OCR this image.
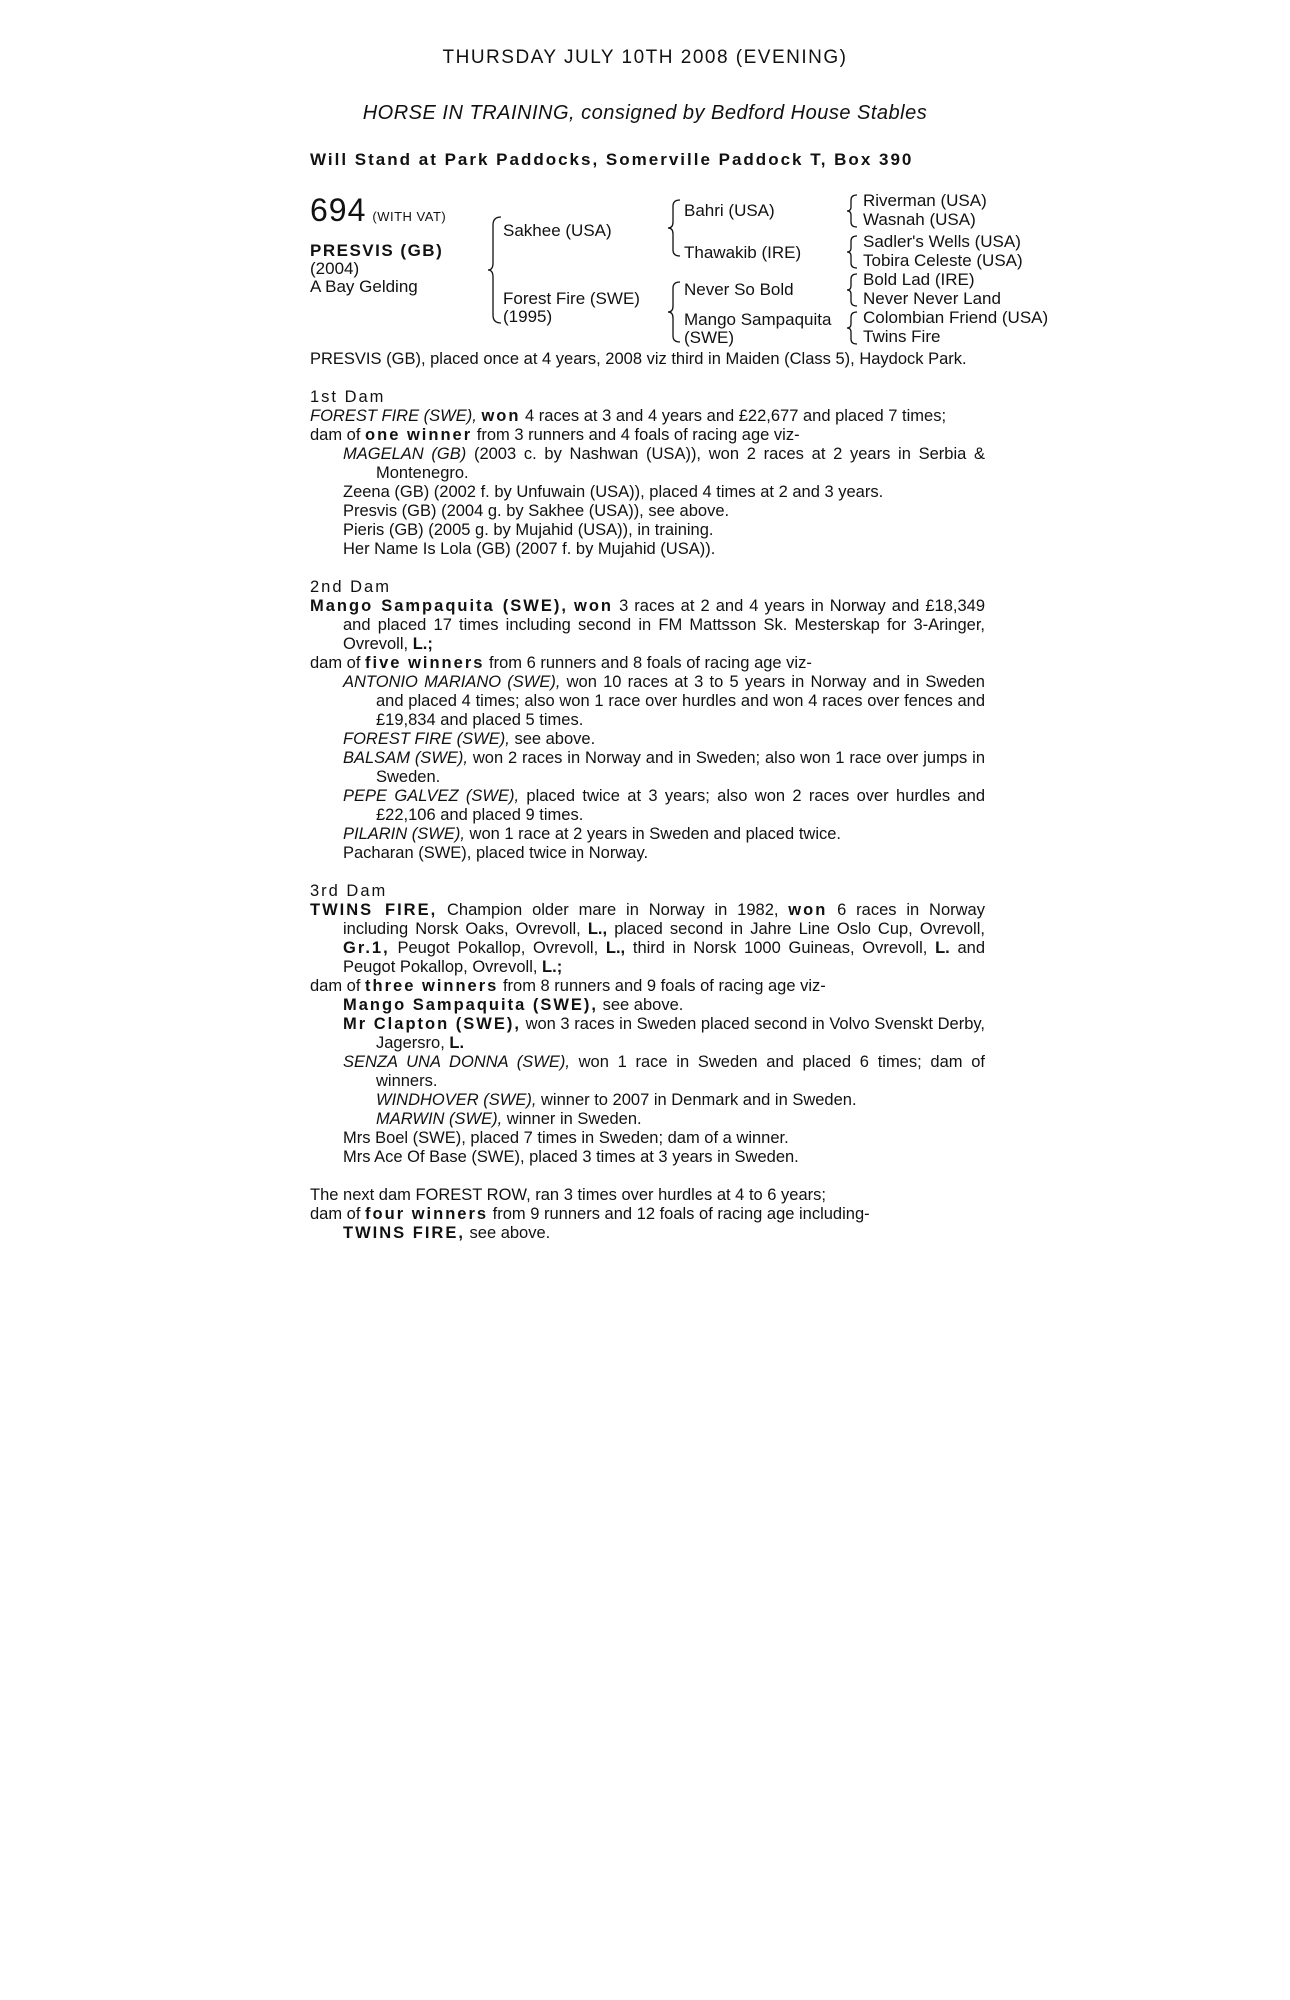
THURSDAY JULY 10TH 2008 (EVENING)
HORSE IN TRAINING, consigned by Bedford House Stables
Will Stand at Park Paddocks, Somerville Paddock T, Box 390
694 (WITH VAT)
PRESVIS (GB)
(2004)
A Bay Gelding
Sakhee (USA)
Forest Fire (SWE)
(1995)
Bahri (USA)
Thawakib (IRE)
Never So Bold
Mango Sampaquita
(SWE)
Riverman (USA)
Wasnah (USA)
Sadler's Wells (USA)
Tobira Celeste (USA)
Bold Lad (IRE)
Never Never Land
Colombian Friend (USA)
Twins Fire

PRESVIS (GB), placed once at 4 years, 2008 viz third in Maiden (Class 5), Haydock Park.

1st Dam

FOREST FIRE (SWE), won 4 races at 3 and 4 years and £22,677 and placed 7 times;

dam of one winner from 3 runners and 4 foals of racing age viz-

MAGELAN (GB) (2003 c. by Nashwan (USA)), won 2 races at 2 years in Serbia & Montenegro.

Zeena (GB) (2002 f. by Unfuwain (USA)), placed 4 times at 2 and 3 years.

Presvis (GB) (2004 g. by Sakhee (USA)), see above.

Pieris (GB) (2005 g. by Mujahid (USA)), in training.

Her Name Is Lola (GB) (2007 f. by Mujahid (USA)).

2nd Dam

Mango Sampaquita (SWE), won 3 races at 2 and 4 years in Norway and £18,349 and placed 17 times including second in FM Mattsson Sk. Mesterskap for 3-Aringer, Ovrevoll, L.;

dam of five winners from 6 runners and 8 foals of racing age viz-

ANTONIO MARIANO (SWE), won 10 races at 3 to 5 years in Norway and in Sweden and placed 4 times; also won 1 race over hurdles and won 4 races over fences and £19,834 and placed 5 times.

FOREST FIRE (SWE), see above.

BALSAM (SWE), won 2 races in Norway and in Sweden; also won 1 race over jumps in Sweden.

PEPE GALVEZ (SWE), placed twice at 3 years; also won 2 races over hurdles and £22,106 and placed 9 times.

PILARIN (SWE), won 1 race at 2 years in Sweden and placed twice.

Pacharan (SWE), placed twice in Norway.

3rd Dam

TWINS FIRE, Champion older mare in Norway in 1982, won 6 races in Norway including Norsk Oaks, Ovrevoll, L., placed second in Jahre Line Oslo Cup, Ovrevoll, Gr.1, Peugot Pokallop, Ovrevoll, L., third in Norsk 1000 Guineas, Ovrevoll, L. and Peugot Pokallop, Ovrevoll, L.;

dam of three winners from 8 runners and 9 foals of racing age viz-

Mango Sampaquita (SWE), see above.

Mr Clapton (SWE), won 3 races in Sweden placed second in Volvo Svenskt Derby, Jagersro, L.

SENZA UNA DONNA (SWE), won 1 race in Sweden and placed 6 times; dam of winners.

WINDHOVER (SWE), winner to 2007 in Denmark and in Sweden.

MARWIN (SWE), winner in Sweden.

Mrs Boel (SWE), placed 7 times in Sweden; dam of a winner.

Mrs Ace Of Base (SWE), placed 3 times at 3 years in Sweden.

The next dam FOREST ROW, ran 3 times over hurdles at 4 to 6 years;

dam of four winners from 9 runners and 12 foals of racing age including-

TWINS FIRE, see above.
